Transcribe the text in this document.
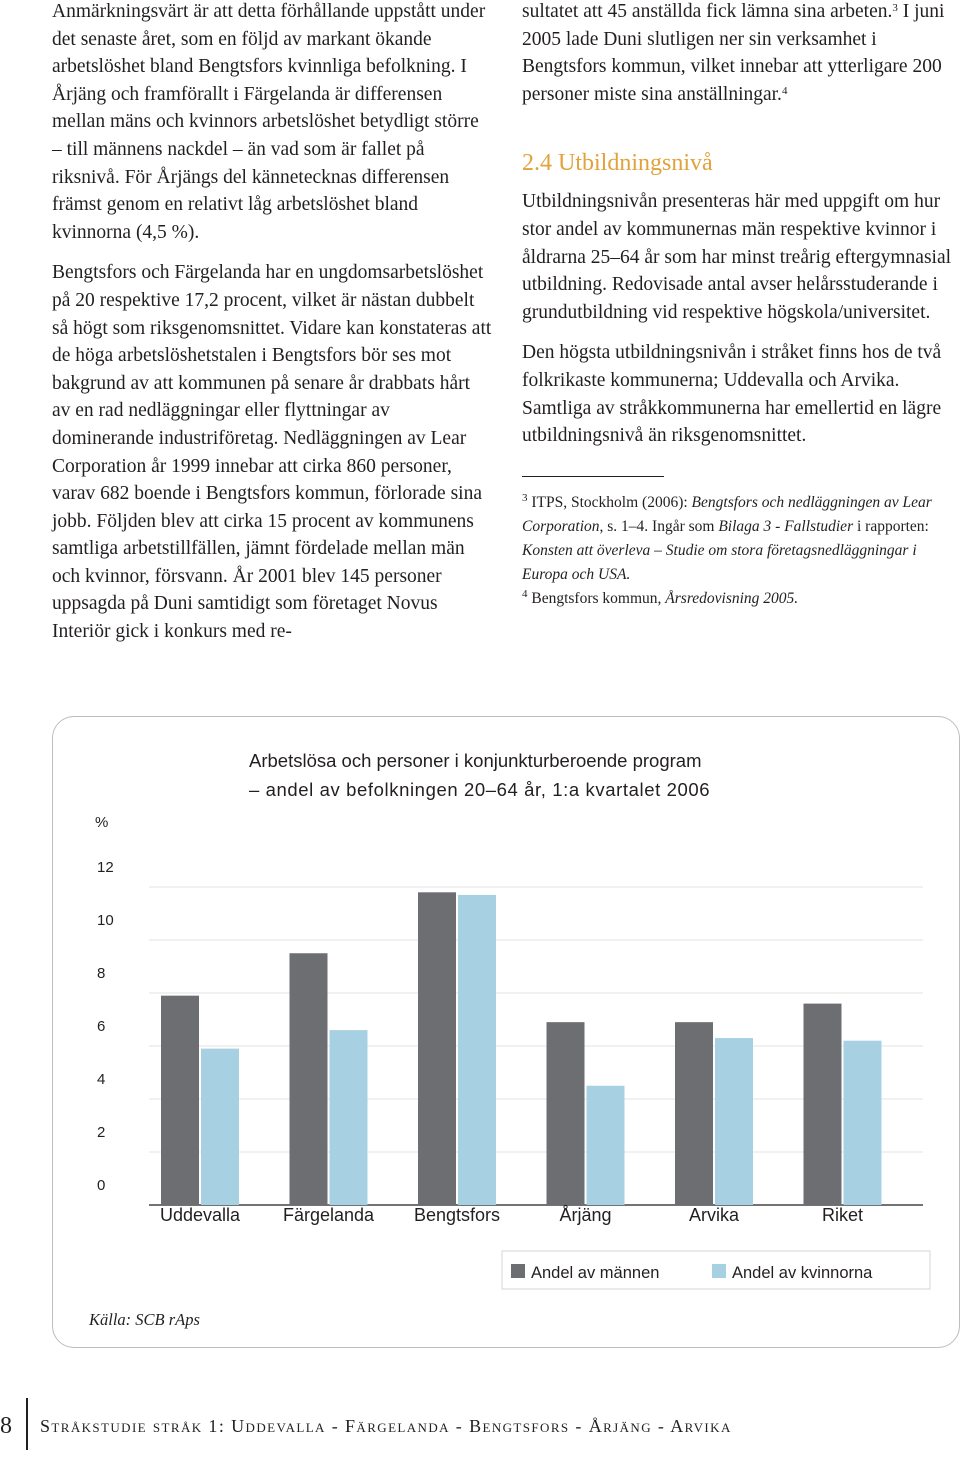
Anmärkningsvärt är att detta förhållande uppstått under det senaste året, som en följd av markant ökande arbetslöshet bland Bengtsfors kvinnliga befolkning. I Årjäng och framförallt i Färgelanda är differensen mellan mäns och kvinnors arbetslöshet betydligt större – till männens nackdel – än vad som är fallet på riksnivå. För Årjängs del kännetecknas differensen främst genom en relativt låg arbetslöshet bland kvinnorna (4,5 %).

Bengtsfors och Färgelanda har en ungdomsarbetslöshet på 20 respektive 17,2 procent, vilket är nästan dubbelt så högt som riksgenomsnittet. Vidare kan konstateras att de höga arbetslöshetstalen i Bengtsfors bör ses mot bakgrund av att kommunen på senare år drabbats hårt av en rad nedläggningar eller flyttningar av dominerande industriföretag. Nedläggningen av Lear Corporation år 1999 innebar att cirka 860 personer, varav 682 boende i Bengtsfors kommun, förlorade sina jobb. Följden blev att cirka 15 procent av kommunens samtliga arbetstillfällen, jämnt fördelade mellan män och kvinnor, försvann. År 2001 blev 145 personer uppsagda på Duni samtidigt som företaget Novus Interiör gick i konkurs med re-

sultatet att 45 anställda fick lämna sina arbeten.$^3$ I juni 2005 lade Duni slutligen ner sin verksamhet i Bengtsfors kommun, vilket innebar att ytterligare 200 personer miste sina anställningar.$^4$

2.4 Utbildningsnivå

Utbildningsnivån presenteras här med uppgift om hur stor andel av kommunernas män respektive kvinnor i åldrarna 25–64 år som har minst treårig eftergymnasial utbildning. Redovisade antal avser helårsstuderande i grundutbildning vid respektive högskola/universitet.

Den högsta utbildningsnivån i stråket finns hos de två folkrikaste kommunerna; Uddevalla och Arvika. Samtliga av stråkkommunerna har emellertid en lägre utbildningsnivå än riksgenomsnittet.

$^3$ ITPS, Stockholm (2006): Bengtsfors och nedläggningen av Lear Corporation, s. 1–4. Ingår som Bilaga 3 - Fallstudier i rapporten: Konsten att överleva – Studie om stora företagsnedläggningar i Europa och USA.

$^4$ Bengtsfors kommun, Årsredovisning 2005.

Arbetslösa och personer i konjunkturberoende program
– andel av befolkningen 20–64 år, 1:a kvartalet 2006
%
0
2
4
6
8
10
12
Uddevalla Färgelanda Bengtsfors	Årjäng	Arvika	Riket
Andel av männen	Andel av kvinnorna
Källa: SCB rAps
8 Stråkstudie stråk 1: Uddevalla - Färgelanda - Bengtsfors - Årjäng - Arvika
